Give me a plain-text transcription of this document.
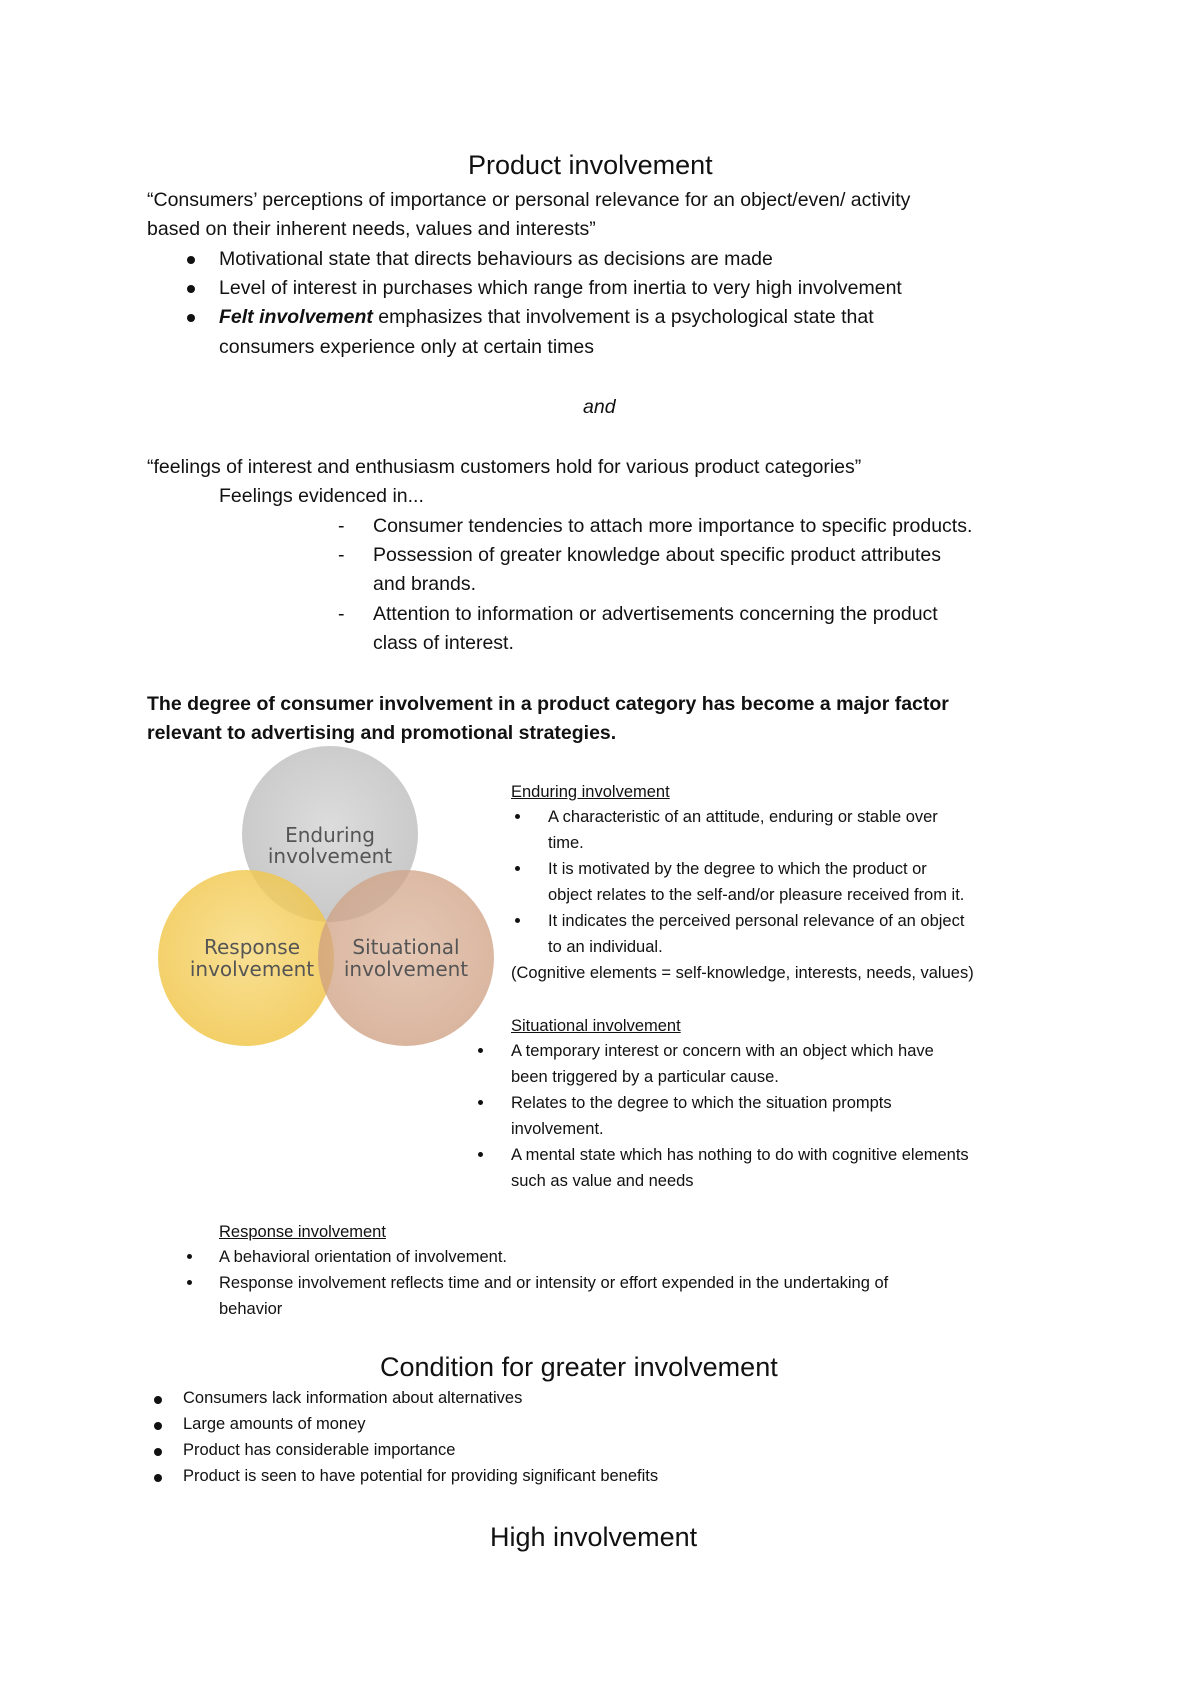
Product involvement
“Consumers’ perceptions of importance or personal relevance for an object/even/ activity
based on their inherent needs, values and interests”
Motivational state that directs behaviours as decisions are made
Level of interest in purchases which range from inertia to very high involvement
Felt involvement emphasizes that involvement is a psychological state that
consumers experience only at certain times
and
“feelings of interest and enthusiasm customers hold for various product categories”
Feelings evidenced in...
- Consumer tendencies to attach more importance to specific products.
- Possession of greater knowledge about specific product attributes
and brands.
- Attention to information or advertisements concerning the product
class of interest.
The degree of consumer involvement in a product category has become a major factor
relevant to advertising and promotional strategies.
Enduring
involvement
Response
involvement
Situational
involvement
Enduring involvement
A characteristic of an attitude, enduring or stable over
time.
It is motivated by the degree to which the product or
object relates to the self-and/or pleasure received from it.
It indicates the perceived personal relevance of an object
to an individual.
(Cognitive elements = self-knowledge, interests, needs, values)
Situational involvement
A temporary interest or concern with an object which have
been triggered by a particular cause.
Relates to the degree to which the situation prompts
involvement.
A mental state which has nothing to do with cognitive elements
such as value and needs
Response involvement
A behavioral orientation of involvement.
Response involvement reflects time and or intensity or effort expended in the undertaking of
behavior
Condition for greater involvement
Consumers lack information about alternatives
Large amounts of money
Product has considerable importance
Product is seen to have potential for providing significant benefits
High involvement
